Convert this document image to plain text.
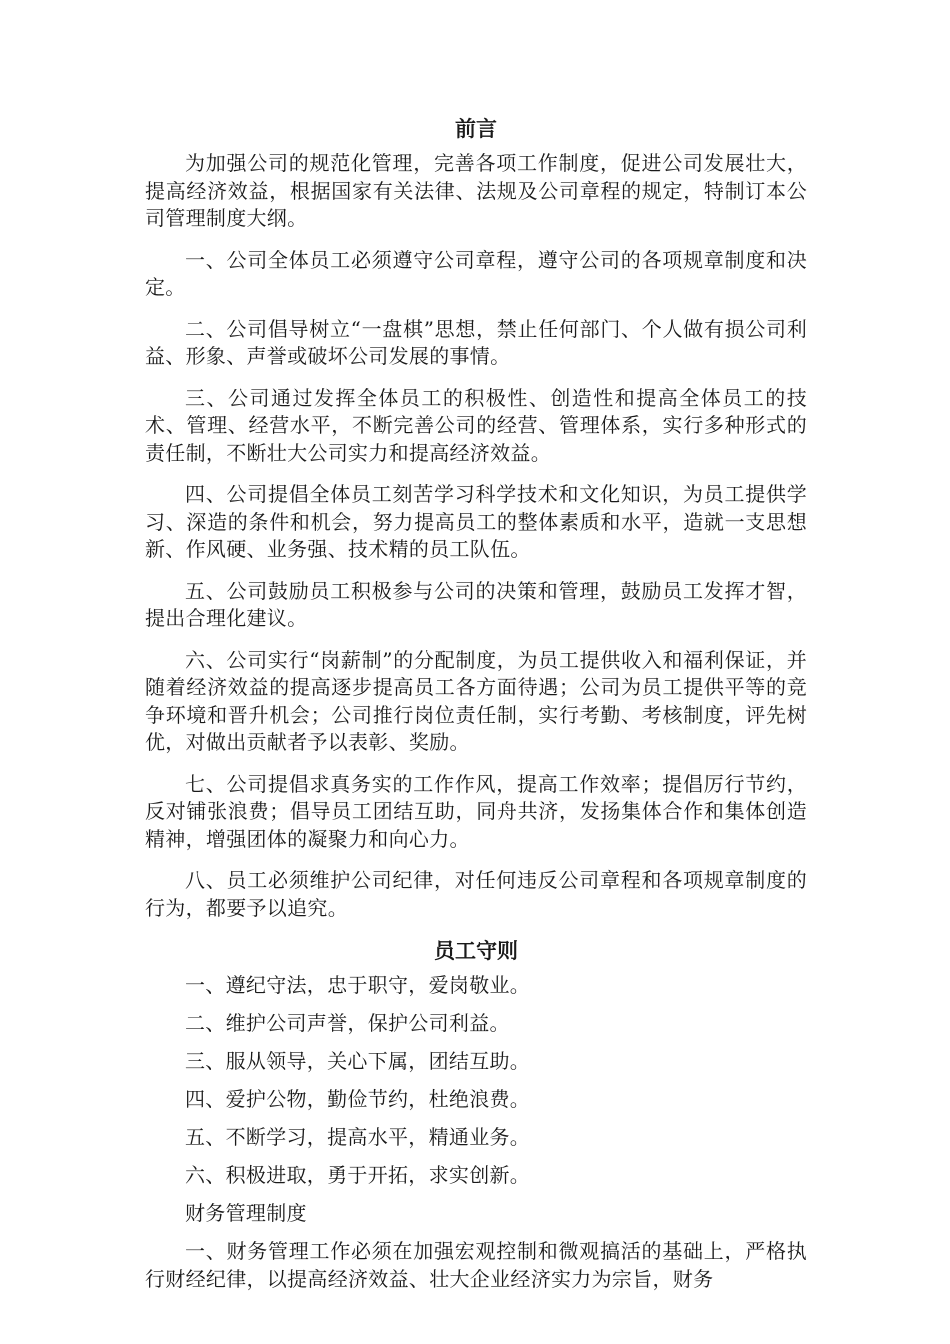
前言

为加强公司的规范化管理，完善各项工作制度，促进公司发展壮大，提高经济效益，根据国家有关法律、法规及公司章程的规定，特制订本公司管理制度大纲。

一、公司全体员工必须遵守公司章程，遵守公司的各项规章制度和决定。

二、公司倡导树立“一盘棋”思想，禁止任何部门、个人做有损公司利益、形象、声誉或破坏公司发展的事情。

三、公司通过发挥全体员工的积极性、创造性和提高全体员工的技术、管理、经营水平，不断完善公司的经营、管理体系，实行多种形式的责任制，不断壮大公司实力和提高经济效益。

四、公司提倡全体员工刻苦学习科学技术和文化知识，为员工提供学习、深造的条件和机会，努力提高员工的整体素质和水平，造就一支思想新、作风硬、业务强、技术精的员工队伍。

五、公司鼓励员工积极参与公司的决策和管理，鼓励员工发挥才智，提出合理化建议。

六、公司实行“岗薪制”的分配制度，为员工提供收入和福利保证，并随着经济效益的提高逐步提高员工各方面待遇；公司为员工提供平等的竞争环境和晋升机会；公司推行岗位责任制，实行考勤、考核制度，评先树优，对做出贡献者予以表彰、奖励。

七、公司提倡求真务实的工作作风，提高工作效率；提倡厉行节约，反对铺张浪费；倡导员工团结互助，同舟共济，发扬集体合作和集体创造精神，增强团体的凝聚力和向心力。

八、员工必须维护公司纪律，对任何违反公司章程和各项规章制度的行为，都要予以追究。

员工守则

一、遵纪守法，忠于职守，爱岗敬业。

二、维护公司声誉，保护公司利益。

三、服从领导，关心下属，团结互助。

四、爱护公物，勤俭节约，杜绝浪费。

五、不断学习，提高水平，精通业务。

六、积极进取，勇于开拓，求实创新。

财务管理制度

一、财务管理工作必须在加强宏观控制和微观搞活的基础上，严格执行财经纪律，以提高经济效益、壮大企业经济实力为宗旨，财务
